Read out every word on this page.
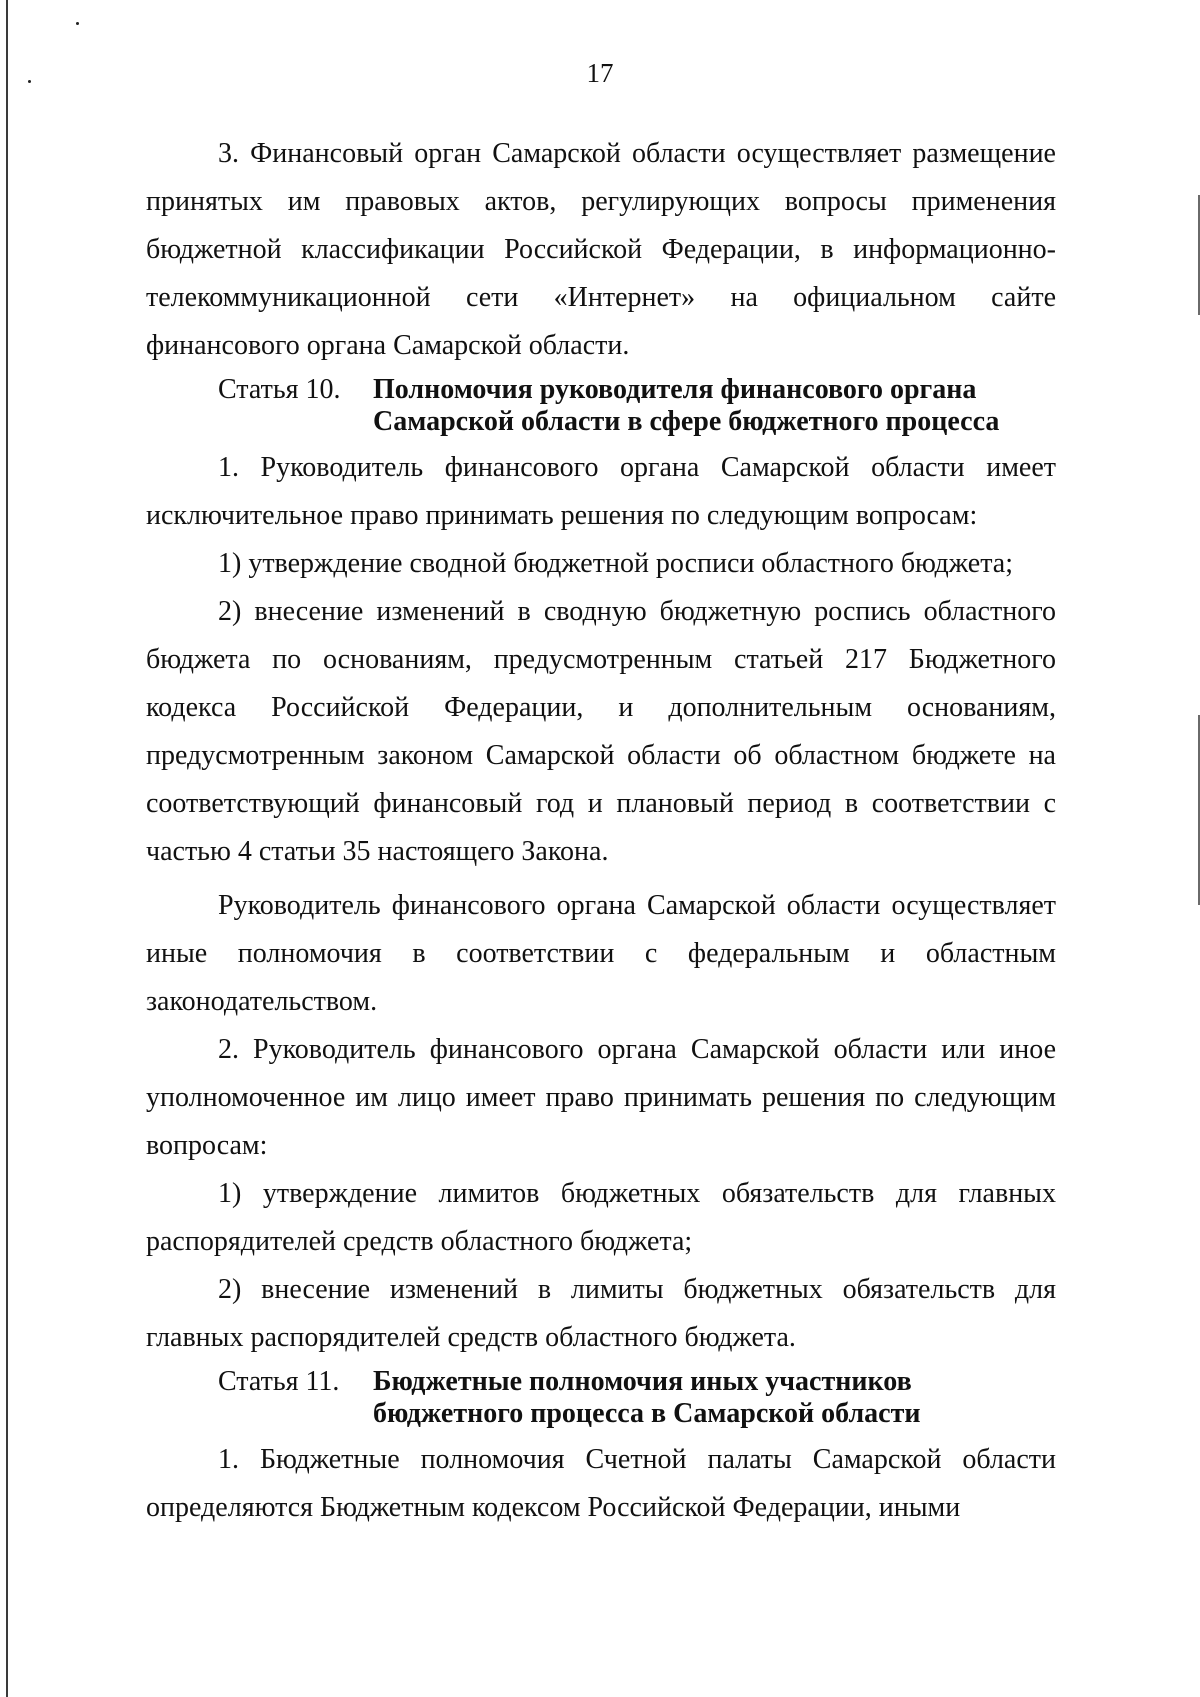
17

3. Финансовый орган Самарской области осуществляет размещение принятых им правовых актов, регулирующих вопросы применения бюджетной классификации Российской Федерации, в информационно-телекоммуникационной сети «Интернет» на официальном сайте финансового органа Самарской области.

Статья 10.	Полномочия руководителя финансового органа Самарской области в сфере бюджетного процесса

1. Руководитель финансового органа Самарской области имеет исключительное право принимать решения по следующим вопросам:

1) утверждение сводной бюджетной росписи областного бюджета;

2) внесение изменений в сводную бюджетную роспись областного бюджета по основаниям, предусмотренным статьей 217 Бюджетного кодекса Российской Федерации, и дополнительным основаниям, предусмотренным законом Самарской области об областном бюджете на соответствующий финансовый год и плановый период в соответствии с частью 4 статьи 35 настоящего Закона.

Руководитель финансового органа Самарской области осуществляет иные полномочия в соответствии с федеральным и областным законодательством.

2. Руководитель финансового органа Самарской области или иное уполномоченное им лицо имеет право принимать решения по следующим вопросам:

1) утверждение лимитов бюджетных обязательств для главных распорядителей средств областного бюджета;

2) внесение изменений в лимиты бюджетных обязательств для главных распорядителей средств областного бюджета.

Статья 11.	Бюджетные полномочия иных участников бюджетного процесса в Самарской области

1. Бюджетные полномочия Счетной палаты Самарской области определяются Бюджетным кодексом Российской Федерации, иными
